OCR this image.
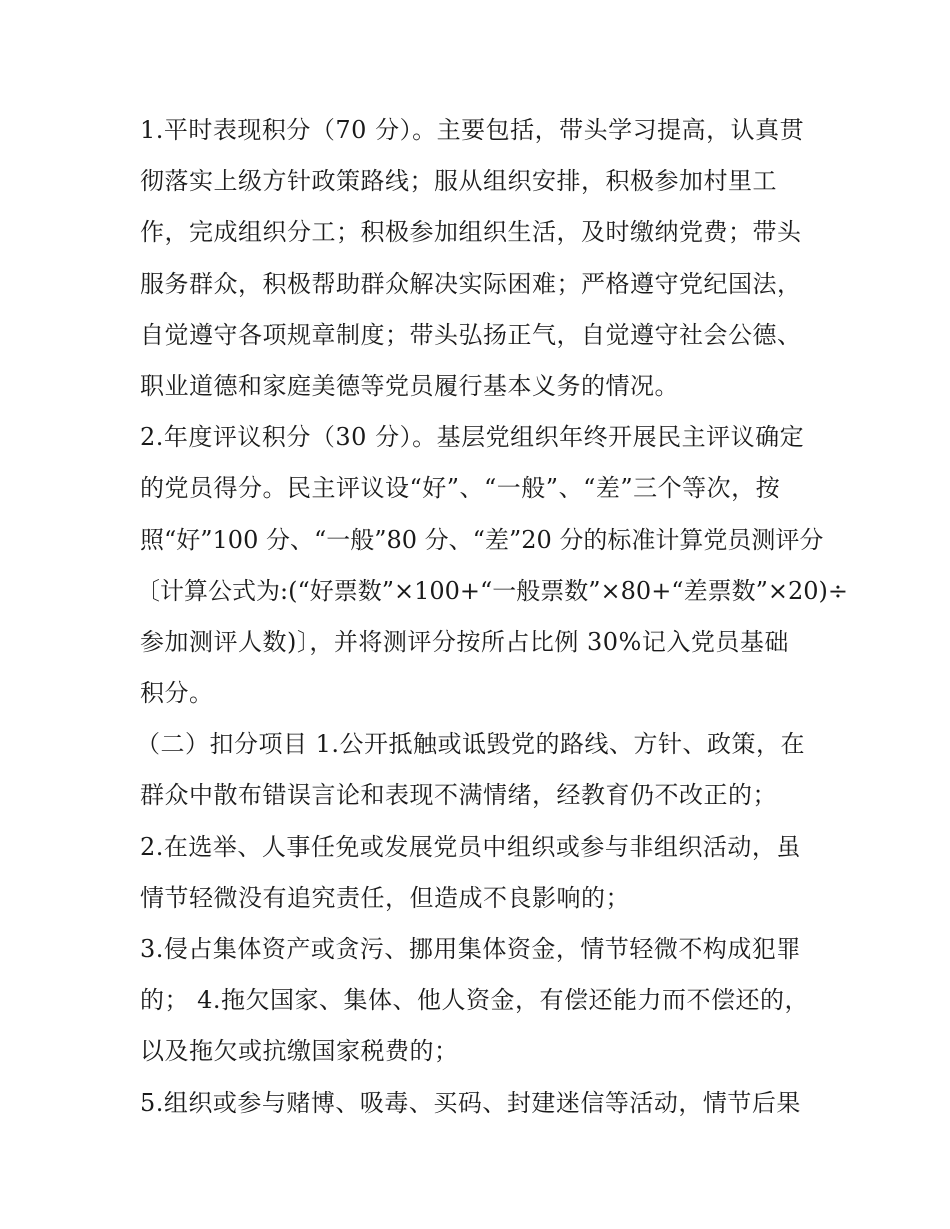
1.平时表现积分（70 分）。主要包括，带头学习提高，认真贯
彻落实上级方针政策路线；服从组织安排，积极参加村里工
作，完成组织分工；积极参加组织生活，及时缴纳党费；带头
服务群众，积极帮助群众解决实际困难；严格遵守党纪国法，
自觉遵守各项规章制度；带头弘扬正气，自觉遵守社会公德、
职业道德和家庭美德等党员履行基本义务的情况。
2.年度评议积分（30 分）。基层党组织年终开展民主评议确定
的党员得分。民主评议设“好”、“一般”、“差”三个等次，按
照“好”100 分、“一般”80 分、“差”20 分的标准计算党员测评分
〔计算公式为:(“好票数”×100+“一般票数”×80+“差票数”×20)÷
参加测评人数)〕，并将测评分按所占比例 30%记入党员基础
积分。
（二）扣分项目 1.公开抵触或诋毁党的路线、方针、政策，在
群众中散布错误言论和表现不满情绪，经教育仍不改正的；
2.在选举、人事任免或发展党员中组织或参与非组织活动，虽
情节轻微没有追究责任，但造成不良影响的；
3.侵占集体资产或贪污、挪用集体资金，情节轻微不构成犯罪
的； 4.拖欠国家、集体、他人资金，有偿还能力而不偿还的，
以及拖欠或抗缴国家税费的；
5.组织或参与赌博、吸毒、买码、封建迷信等活动，情节后果
